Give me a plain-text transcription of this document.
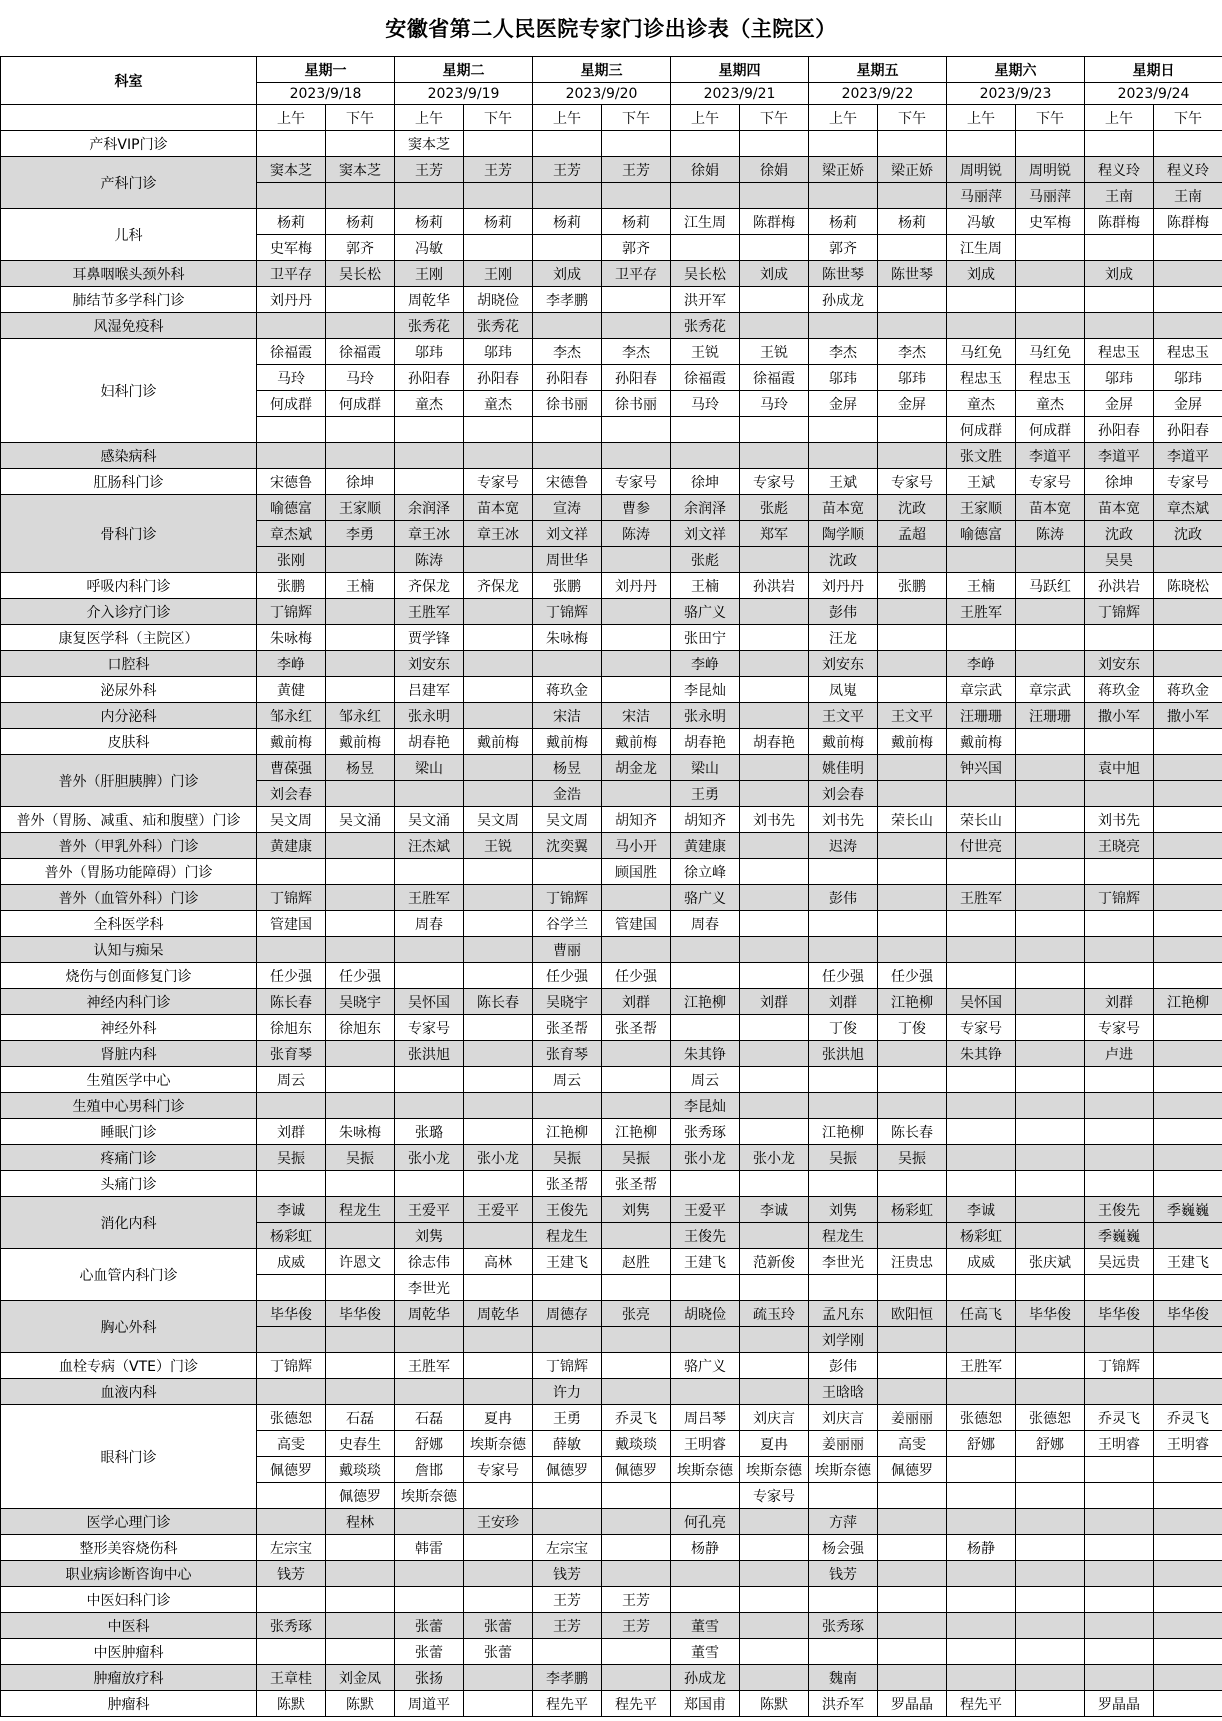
安徽省第二人民医院专家门诊出诊表（主院区）
科室	星期一		星期二		星期三		星期四		星期五		星期六		星期日	
	2023/9/18		2023/9/19		2023/9/20		2023/9/21		2023/9/22		2023/9/23		2023/9/24	
	上午	下午	上午	下午	上午	下午	上午	下午	上午	下午	上午	下午	上午	下午
产科VIP门诊			窦本芝											
产科门诊	窦本芝	窦本芝	王芳	王芳	王芳	王芳	徐娟	徐娟	梁正娇	梁正娇	周明锐	周明锐	程义玲	程义玲
											马丽萍	马丽萍	王南	王南
儿科	杨莉	杨莉	杨莉	杨莉	杨莉	杨莉	江生周	陈群梅	杨莉	杨莉	冯敏	史军梅	陈群梅	陈群梅
	史军梅	郭齐	冯敏			郭齐			郭齐		江生周			
耳鼻咽喉头颈外科	卫平存	吴长松	王刚	王刚	刘成	卫平存	吴长松	刘成	陈世琴	陈世琴	刘成		刘成	
肺结节多学科门诊	刘丹丹		周乾华	胡晓俭	李孝鹏		洪开军		孙成龙					
风湿免疫科			张秀花	张秀花			张秀花							
妇科门诊	徐福霞	徐福霞	邬玮	邬玮	李杰	李杰	王锐	王锐	李杰	李杰	马红免	马红免	程忠玉	程忠玉
	马玲	马玲	孙阳春	孙阳春	孙阳春	孙阳春	徐福霞	徐福霞	邬玮	邬玮	程忠玉	程忠玉	邬玮	邬玮
	何成群	何成群	童杰	童杰	徐书丽	徐书丽	马玲	马玲	金屏	金屏	童杰	童杰	金屏	金屏
											何成群	何成群	孙阳春	孙阳春
感染病科											张文胜	李道平	李道平	李道平
肛肠科门诊	宋德鲁	徐坤		专家号	宋德鲁	专家号	徐坤	专家号	王斌	专家号	王斌	专家号	徐坤	专家号
骨科门诊	喻德富	王家顺	余润泽	苗本宽	宣涛	曹参	余润泽	张彪	苗本宽	沈政	王家顺	苗本宽	苗本宽	章杰斌
	章杰斌	李勇	章王冰	章王冰	刘文祥	陈涛	刘文祥	郑军	陶学顺	孟超	喻德富	陈涛	沈政	沈政
	张刚		陈涛		周世华		张彪		沈政				吴昊	
呼吸内科门诊	张鹏	王楠	齐保龙	齐保龙	张鹏	刘丹丹	王楠	孙洪岩	刘丹丹	张鹏	王楠	马跃红	孙洪岩	陈晓松
介入诊疗门诊	丁锦辉		王胜军		丁锦辉		骆广义		彭伟		王胜军		丁锦辉	
康复医学科（主院区）	朱咏梅		贾学锋		朱咏梅		张田宁		汪龙					
口腔科	李峥		刘安东				李峥		刘安东		李峥		刘安东	
泌尿外科	黄健		吕建军		蒋玖金		李昆灿		凤嵬		章宗武	章宗武	蒋玖金	蒋玖金
内分泌科	邹永红	邹永红	张永明		宋洁	宋洁	张永明		王文平	王文平	汪珊珊	汪珊珊	撒小军	撒小军
皮肤科	戴前梅	戴前梅	胡春艳	戴前梅	戴前梅	戴前梅	胡春艳	胡春艳	戴前梅	戴前梅	戴前梅			
普外（肝胆胰脾）门诊	曹葆强	杨昱	梁山		杨昱	胡金龙	梁山		姚佳明		钟兴国		袁中旭	
	刘会春				金浩		王勇		刘会春					
普外（胃肠、减重、疝和腹壁）门诊	吴文周	吴文涌	吴文涌	吴文周	吴文周	胡知齐	胡知齐	刘书先	刘书先	荣长山	荣长山		刘书先	
普外（甲乳外科）门诊	黄建康		汪杰斌	王锐	沈奕翼	马小开	黄建康		迟涛		付世亮		王晓亮	
普外（胃肠功能障碍）门诊						顾国胜	徐立峰							
普外（血管外科）门诊	丁锦辉		王胜军		丁锦辉		骆广义		彭伟		王胜军		丁锦辉	
全科医学科	管建国		周春		谷学兰	管建国	周春							
认知与痴呆					曹丽									
烧伤与创面修复门诊	任少强	任少强			任少强	任少强			任少强	任少强				
神经内科门诊	陈长春	吴晓宇	吴怀国	陈长春	吴晓宇	刘群	江艳柳	刘群	刘群	江艳柳	吴怀国		刘群	江艳柳
神经外科	徐旭东	徐旭东	专家号		张圣帮	张圣帮			丁俊	丁俊	专家号		专家号	
肾脏内科	张育琴		张洪旭		张育琴		朱其铮		张洪旭		朱其铮		卢进	
生殖医学中心	周云				周云		周云							
生殖中心男科门诊							李昆灿							
睡眠门诊	刘群	朱咏梅	张璐		江艳柳	江艳柳	张秀琢		江艳柳	陈长春				
疼痛门诊	吴振	吴振	张小龙	张小龙	吴振	吴振	张小龙	张小龙	吴振	吴振				
头痛门诊					张圣帮	张圣帮								
消化内科	李诚	程龙生	王爱平	王爱平	王俊先	刘隽	王爱平	李诚	刘隽	杨彩虹	李诚		王俊先	季巍巍
	杨彩虹		刘隽		程龙生		王俊先		程龙生		杨彩虹		季巍巍	
心血管内科门诊	成威	许恩文	徐志伟	高林	王建飞	赵胜	王建飞	范新俊	李世光	汪贵忠	成威	张庆斌	吴远贵	王建飞
			李世光											
胸心外科	毕华俊	毕华俊	周乾华	周乾华	周德存	张亮	胡晓俭	疏玉玲	孟凡东	欧阳恒	任高飞	毕华俊	毕华俊	毕华俊
									刘学刚					
血栓专病（VTE）门诊	丁锦辉		王胜军		丁锦辉		骆广义		彭伟		王胜军		丁锦辉	
血液内科					许力				王晗晗					
眼科门诊	张德恕	石磊	石磊	夏冉	王勇	乔灵飞	周吕琴	刘庆言	刘庆言	姜丽丽	张德恕	张德恕	乔灵飞	乔灵飞
	高雯	史春生	舒娜	埃斯奈德	薛敏	戴琰琰	王明睿	夏冉	姜丽丽	高雯	舒娜	舒娜	王明睿	王明睿
	佩德罗	戴琰琰	詹邯	专家号	佩德罗	佩德罗	埃斯奈德	埃斯奈德	埃斯奈德	佩德罗				
		佩德罗	埃斯奈德					专家号						
医学心理门诊		程林		王安珍			何孔亮		方萍					
整形美容烧伤科	左宗宝		韩雷		左宗宝		杨静		杨会强		杨静			
职业病诊断咨询中心	钱芳				钱芳				钱芳					
中医妇科门诊					王芳	王芳								
中医科	张秀琢		张蕾	张蕾	王芳	王芳	董雪		张秀琢					
中医肿瘤科			张蕾	张蕾			董雪							
肿瘤放疗科	王章桂	刘金凤	张扬		李孝鹏		孙成龙		魏南					
肿瘤科	陈默	陈默	周道平		程先平	程先平	郑国甫	陈默	洪乔军	罗晶晶	程先平		罗晶晶	
